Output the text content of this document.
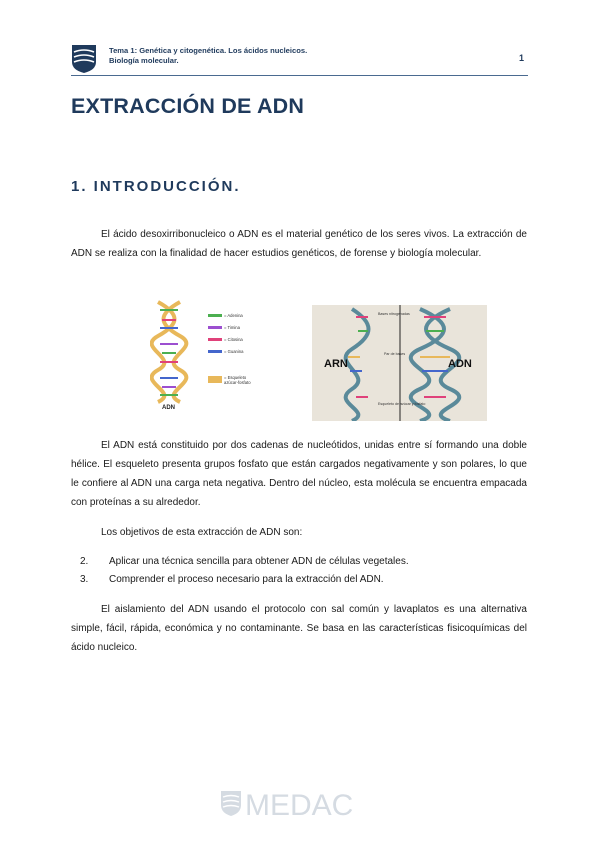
Tema 1: Genética y citogenética. Los ácidos nucleicos.
Biología molecular.	1
EXTRACCIÓN DE ADN
1. INTRODUCCIÓN.
El ácido desoxirribonucleico o ADN es el material genético de los seres vivos. La extracción de ADN se realiza con la finalidad de hacer estudios genéticos, de forense y biología molecular.
= Adenina
= Timina
= Citosina
= Guanina
= Esqueleto
azúcar-fosfato
ADN
ARN	ADN
Bases nitrogenadas
Par de bases
Esqueleto de azúcar y fosfato
El ADN está constituido por dos cadenas de nucleótidos, unidas entre sí formando una doble hélice. El esqueleto presenta grupos fosfato que están cargados negativamente y son polares, lo que le confiere al ADN una carga neta negativa. Dentro del núcleo, esta molécula se encuentra empacada con proteínas a su alrededor.
Los objetivos de esta extracción de ADN son:
2. Aplicar una técnica sencilla para obtener ADN de células vegetales.
3. Comprender el proceso necesario para la extracción del ADN.
El aislamiento del ADN usando el protocolo con sal común y lavaplatos es una alternativa simple, fácil, rápida, económica y no contaminante. Se basa en las características fisicoquímicas del ácido nucleico.
MEDAC
